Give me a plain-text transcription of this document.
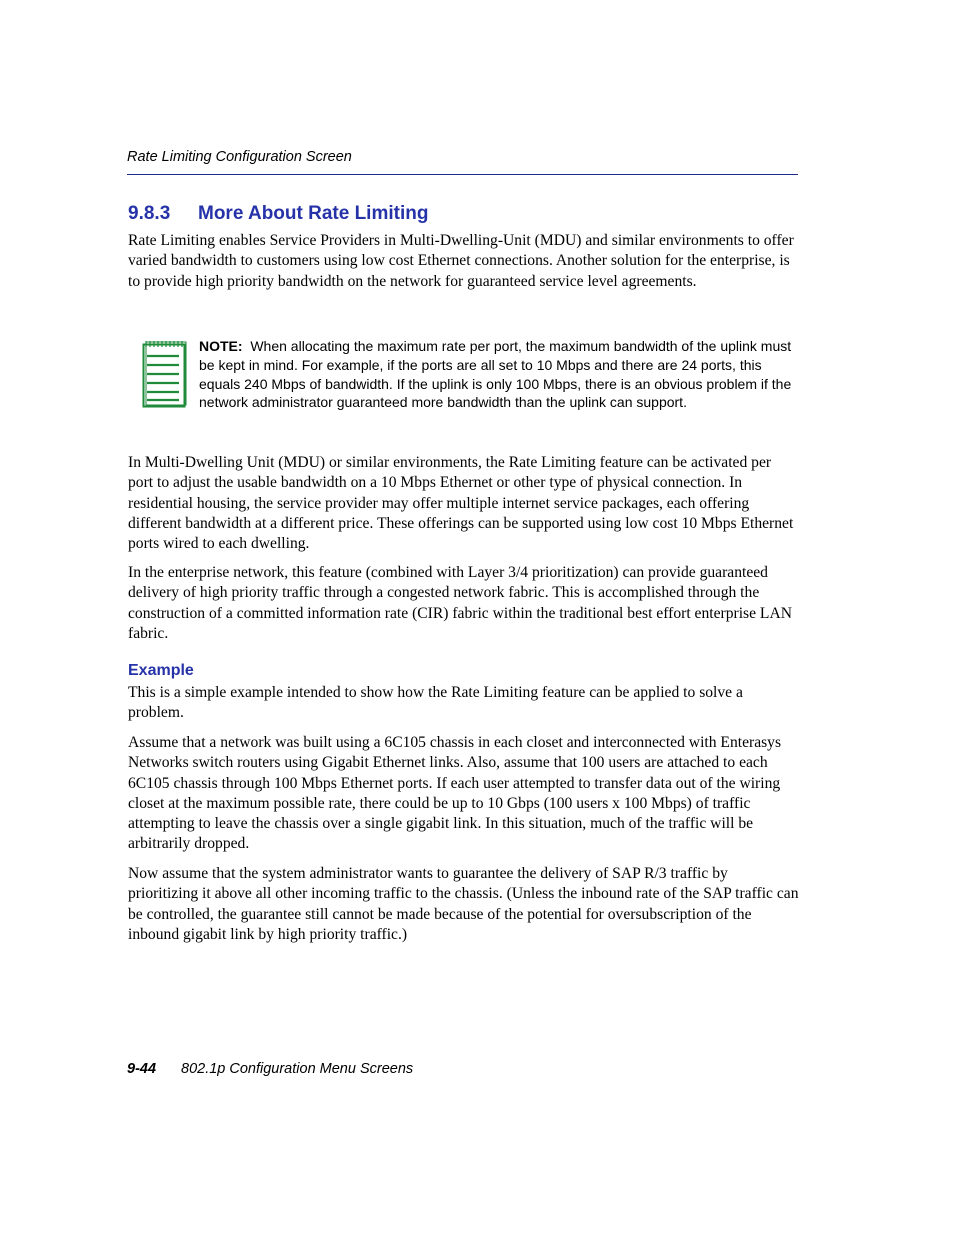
Rate Limiting Configuration Screen
9.8.3 More About Rate Limiting

Rate Limiting enables Service Providers in Multi-Dwelling-Unit (MDU) and similar environments to offer varied bandwidth to customers using low cost Ethernet connections. Another solution for the enterprise, is to provide high priority bandwidth on the network for guaranteed service level agreements.

NOTE: When allocating the maximum rate per port, the maximum bandwidth of the uplink must be kept in mind. For example, if the ports are all set to 10 Mbps and there are 24 ports, this equals 240 Mbps of bandwidth. If the uplink is only 100 Mbps, there is an obvious problem if the network administrator guaranteed more bandwidth than the uplink can support.

In Multi-Dwelling Unit (MDU) or similar environments, the Rate Limiting feature can be activated per port to adjust the usable bandwidth on a 10 Mbps Ethernet or other type of physical connection. In residential housing, the service provider may offer multiple internet service packages, each offering different bandwidth at a different price. These offerings can be supported using low cost 10 Mbps Ethernet ports wired to each dwelling.

In the enterprise network, this feature (combined with Layer 3/4 prioritization) can provide guaranteed delivery of high priority traffic through a congested network fabric. This is accomplished through the construction of a committed information rate (CIR) fabric within the traditional best effort enterprise LAN fabric.

Example

This is a simple example intended to show how the Rate Limiting feature can be applied to solve a problem.

Assume that a network was built using a 6C105 chassis in each closet and interconnected with Enterasys Networks switch routers using Gigabit Ethernet links. Also, assume that 100 users are attached to each 6C105 chassis through 100 Mbps Ethernet ports. If each user attempted to transfer data out of the wiring closet at the maximum possible rate, there could be up to 10 Gbps (100 users x 100 Mbps) of traffic attempting to leave the chassis over a single gigabit link. In this situation, much of the traffic will be arbitrarily dropped.

Now assume that the system administrator wants to guarantee the delivery of SAP R/3 traffic by prioritizing it above all other incoming traffic to the chassis. (Unless the inbound rate of the SAP traffic can be controlled, the guarantee still cannot be made because of the potential for oversubscription of the inbound gigabit link by high priority traffic.)

9-44 802.1p Configuration Menu Screens
